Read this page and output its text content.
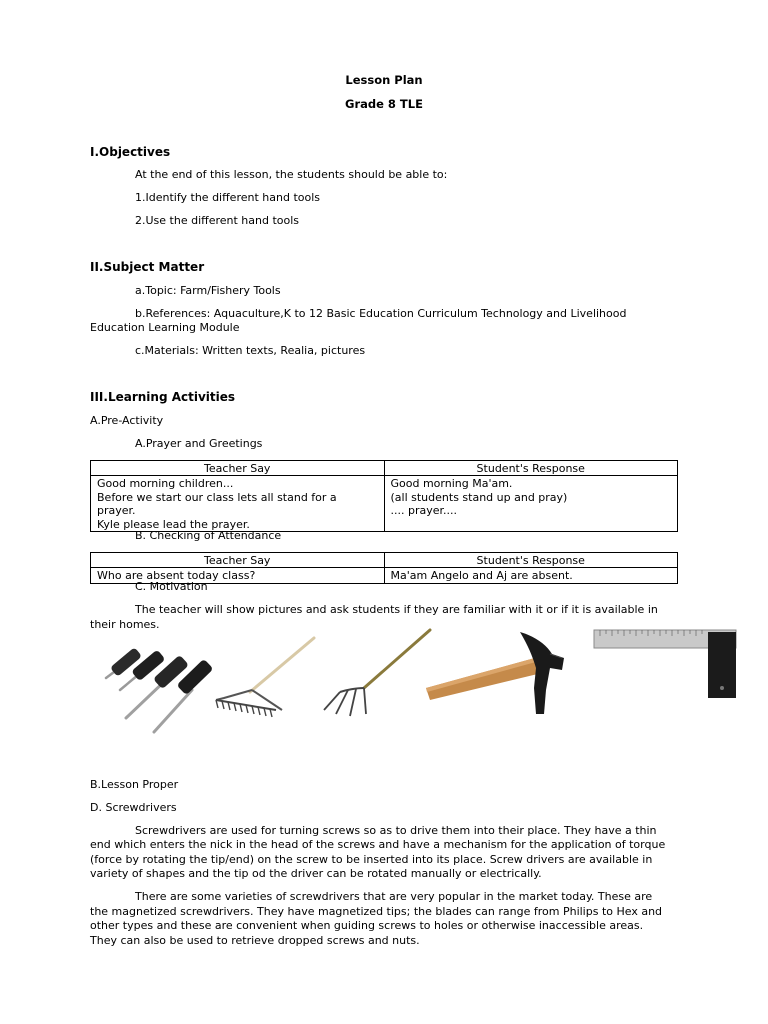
Lesson Plan
Grade 8 TLE
I.Objectives
At the end of this lesson, the students should be able to:
1.Identify the different hand tools
2.Use the different hand tools
II.Subject Matter
a.Topic: Farm/Fishery Tools
b.References: Aquaculture,K to 12 Basic Education Curriculum Technology and Livelihood
Education Learning Module
c.Materials: Written texts, Realia, pictures
III.Learning Activities
A.Pre-Activity
A.Prayer and Greetings
Teacher Say	Student's Response

Good morning children...
Before we start our class lets all stand for a
prayer.
Kyle please lead the prayer.	Good morning Ma'am.
(all students stand up and pray)
.... prayer....
B. Checking of Attendance
Teacher Say	Student's Response

Who are absent today class?	Ma'am Angelo and Aj are absent.
C. Motivation
The teacher will show pictures and ask students if they are familiar with it or if it is available in
their homes.
B.Lesson Proper
D. Screwdrivers
Screwdrivers are used for turning screws so as to drive them into their place. They have a thin
end which enters the nick in the head of the screws and have a mechanism for the application of torque
(force by rotating the tip/end) on the screw to be inserted into its place. Screw drivers are available in
variety of shapes and the tip od the driver can be rotated manually or electrically.
There are some varieties of screwdrivers that are very popular in the market today. These are
the magnetized screwdrivers. They have magnetized tips; the blades can range from Philips to Hex and
other types and these are convenient when guiding screws to holes or otherwise inaccessible areas.
They can also be used to retrieve dropped screws and nuts.
